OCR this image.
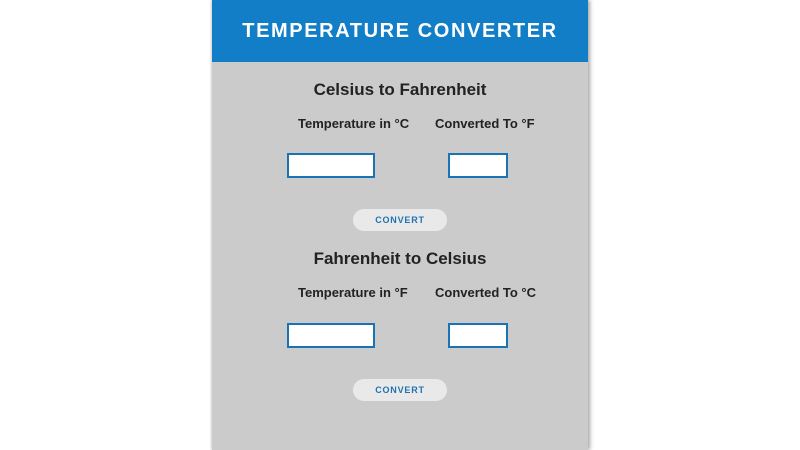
TEMPERATURE CONVERTER
Celsius to Fahrenheit
Temperature in °C Converted To °F
CONVERT
Fahrenheit to Celsius
Temperature in °F Converted To °C
CONVERT
